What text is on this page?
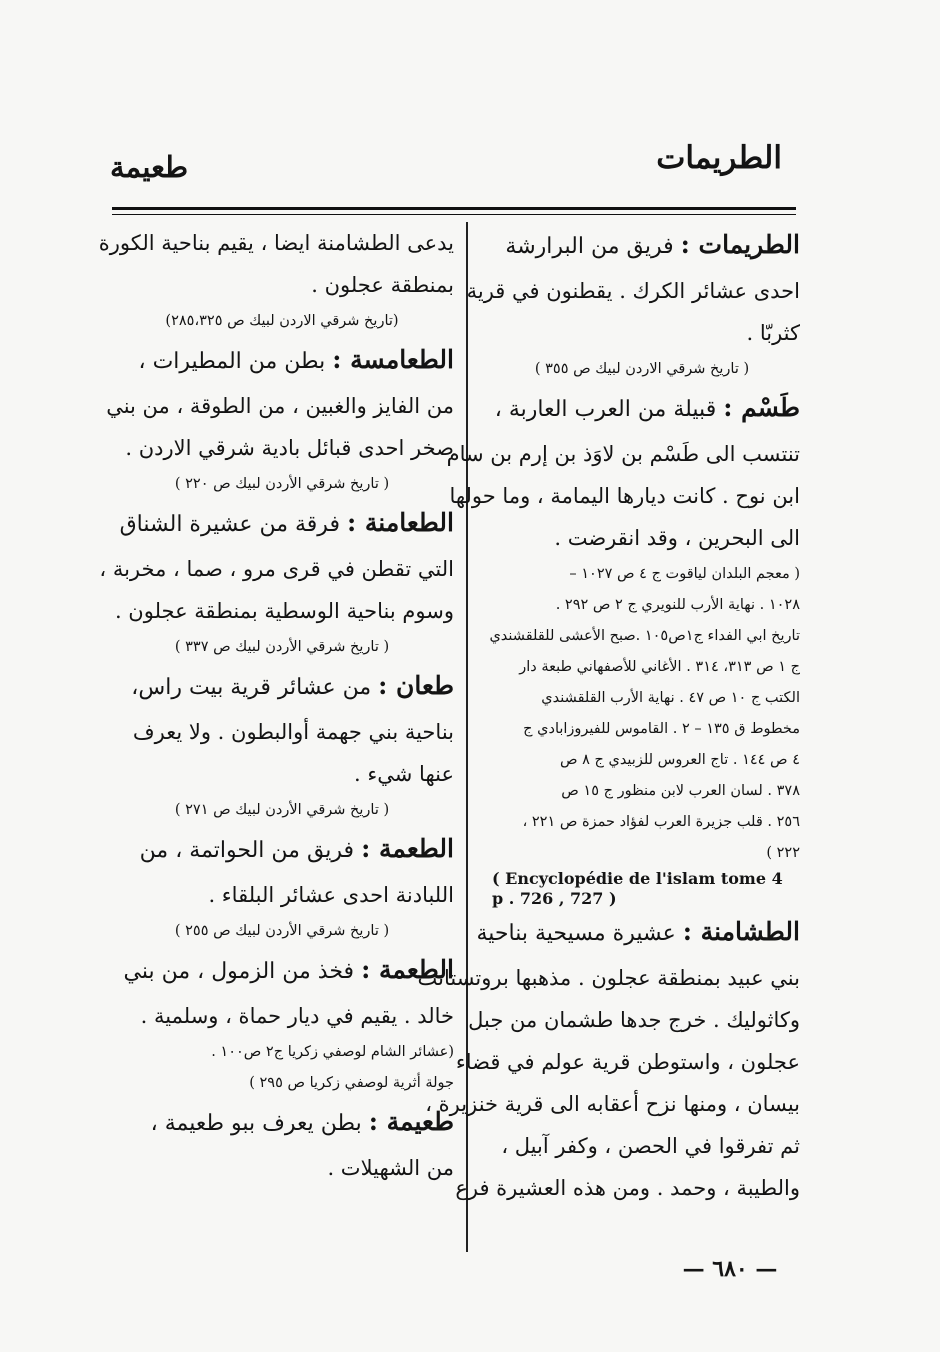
الطريمات
طعيمة
الطريمات : فريق من البرارشة
احدى عشائر الكرك . يقطنون في قرية
كثربّا .
( تاريخ شرقي الاردن لبيك ص ٣٥٥ )
طَسْم : قبيلة من العرب العاربة ،
تنتسب الى طَسْم بن لاوَذ بن إرم بن سام
ابن نوح . كانت ديارها اليمامة ، وما حولها
الى البحرين ، وقد انقرضت .
( معجم البلدان لياقوت ج ٤ ص ١٠٢٧ –
١٠٢٨ . نهاية الأرب للنويري ج ٢ ص ٢٩٢ .
تاريخ ابي الفداء ج١ص١٠٥ .صبح الأعشى للقلقشندي
ج ١ ص ٣١٣، ٣١٤ . الأغاني للأصفهاني طبعة دار
الكتب ج ١٠ ص ٤٧ . نهاية الأرب القلقشندي
مخطوط ق ١٣٥ – ٢ . القاموس للفيروزابادي ج
٤ ص ١٤٤ . تاج العروس للزبيدي ج ٨ ص
٣٧٨ . لسان العرب لابن منظور ج ١٥ ص
٢٥٦ . قلب جزيرة العرب لفؤاد حمزة ص ٢٢١ ،
٢٢٢ )
( Encyclopédie de l'islam tome 4
p . 726 , 727 )
الطشامنة : عشيرة مسيحية بناحية
بني عبيد بمنطقة عجلون . مذهبها بروتستانت
وكاثوليك . خرج جدها طشمان من جبل
عجلون ، واستوطن قرية عولم في قضاء
بيسان ، ومنها نزح أعقابه الى قرية خنزيرة ،
ثم تفرقوا في الحصن ، وكفر آبيل ،
والطيبة ، وحمد . ومن هذه العشيرة فرع
يدعى الطشامنة ايضا ، يقيم بناحية الكورة
بمنطقة عجلون .
(تاريخ شرقي الاردن لبيك ص ٢٨٥،٣٢٥)
الطعامسة : بطن من المطيرات ،
من الفايز والغبين ، من الطوقة ، من بني
صخر احدى قبائل بادية شرقي الاردن .
( تاريخ شرقي الأردن لبيك ص ٢٢٠ )
الطعامنة : فرقة من عشيرة الشناق
التي تقطن في قرى مرو ، صما ، مخربة ،
وسوم بناحية الوسطية بمنطقة عجلون .
( تاريخ شرقي الأردن لبيك ص ٣٣٧ )
طعان : من عشائر قرية بيت راس،
بناحية بني جهمة أوالبطون . ولا يعرف
عنها شيء .
( تاريخ شرقي الأردن لبيك ص ٢٧١ )
الطعمة : فريق من الحواتمة ، من
اللبادنة احدى عشائر البلقاء .
( تاريخ شرقي الأردن لبيك ص ٢٥٥ )
الطعمة : فخذ من الزمول ، من بني
خالد . يقيم في ديار حماة ، وسلمية .
(عشائر الشام لوصفي زكريا ج٢ ص١٠٠ .
جولة أثرية لوصفي زكريا ص ٢٩٥ )
طعيمة : بطن يعرف ببو طعيمة ،
من الشهيلات .
— ٦٨٠ —
